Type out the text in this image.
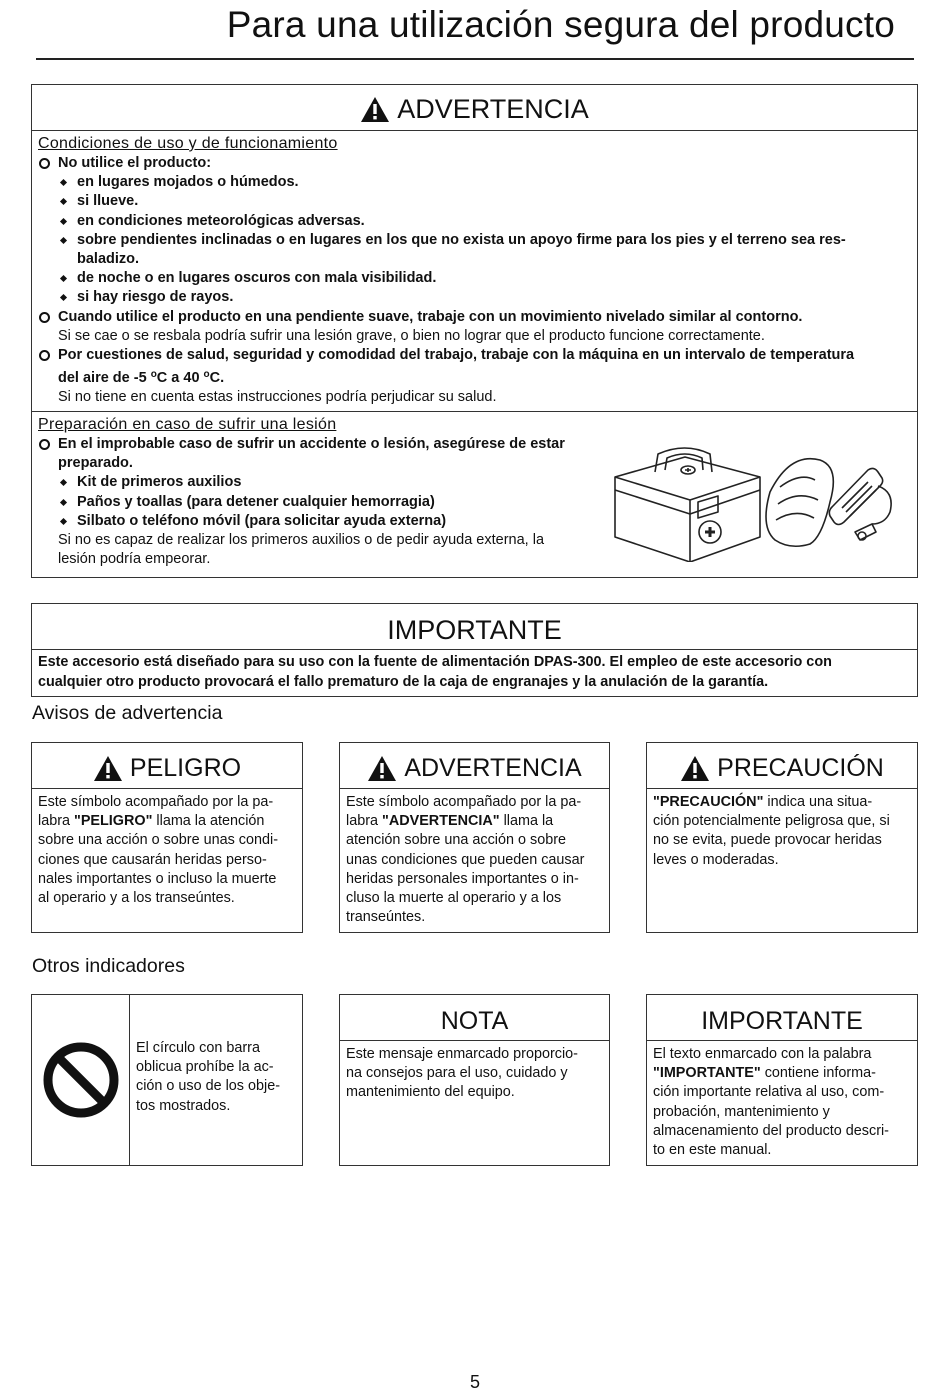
Para una utilización segura del producto
ADVERTENCIA
Condiciones de uso y de funcionamiento
No utilice el producto:
en lugares mojados o húmedos.
si llueve.
en condiciones meteorológicas adversas.
sobre pendientes inclinadas o en lugares en los que no exista un apoyo firme para los pies y el terreno sea res-
baladizo.
de noche o en lugares oscuros con mala visibilidad.
si hay riesgo de rayos.
Cuando utilice el producto en una pendiente suave, trabaje con un movimiento nivelado similar al contorno.
Si se cae o se resbala podría sufrir una lesión grave, o bien no lograr que el producto funcione correctamente.
Por cuestiones de salud, seguridad y comodidad del trabajo, trabaje con la máquina en un intervalo de temperatura
del aire de -5 $^o$C a 40 $^o$C.
Si no tiene en cuenta estas instrucciones podría perjudicar su salud.
Preparación en caso de sufrir una lesión
En el improbable caso de sufrir un accidente o lesión, asegúrese de estar
preparado.
Kit de primeros auxilios
Paños y toallas (para detener cualquier hemorragia)
Silbato o teléfono móvil (para solicitar ayuda externa)
Si no es capaz de realizar los primeros auxilios o de pedir ayuda externa, la
lesión podría empeorar.
IMPORTANTE
Este accesorio está diseñado para su uso con la fuente de alimentación DPAS-300. El empleo de este accesorio con
cualquier otro producto provocará el fallo prematuro de la caja de engranajes y la anulación de la garantía.
Avisos de advertencia
PELIGRO
Este símbolo acompañado por la pa-
labra "PELIGRO" llama la atención
sobre una acción o sobre unas condi-
ciones que causarán heridas perso-
nales importantes o incluso la muerte
al operario y a los transeúntes.
ADVERTENCIA
Este símbolo acompañado por la pa-
labra "ADVERTENCIA" llama la
atención sobre una acción o sobre
unas condiciones que pueden causar
heridas personales importantes o in-
cluso la muerte al operario y a los
transeúntes.
PRECAUCIÓN
"PRECAUCIÓN" indica una situa-
ción potencialmente peligrosa que, si
no se evita, puede provocar heridas
leves o moderadas.
Otros indicadores
El círculo con barra
oblicua prohíbe la ac-
ción o uso de los obje-
tos mostrados.
NOTA
Este mensaje enmarcado proporcio-
na consejos para el uso, cuidado y
mantenimiento del equipo.
IMPORTANTE
El texto enmarcado con la palabra
"IMPORTANTE" contiene informa-
ción importante relativa al uso, com-
probación, mantenimiento y
almacenamiento del producto descri-
to en este manual.
5
